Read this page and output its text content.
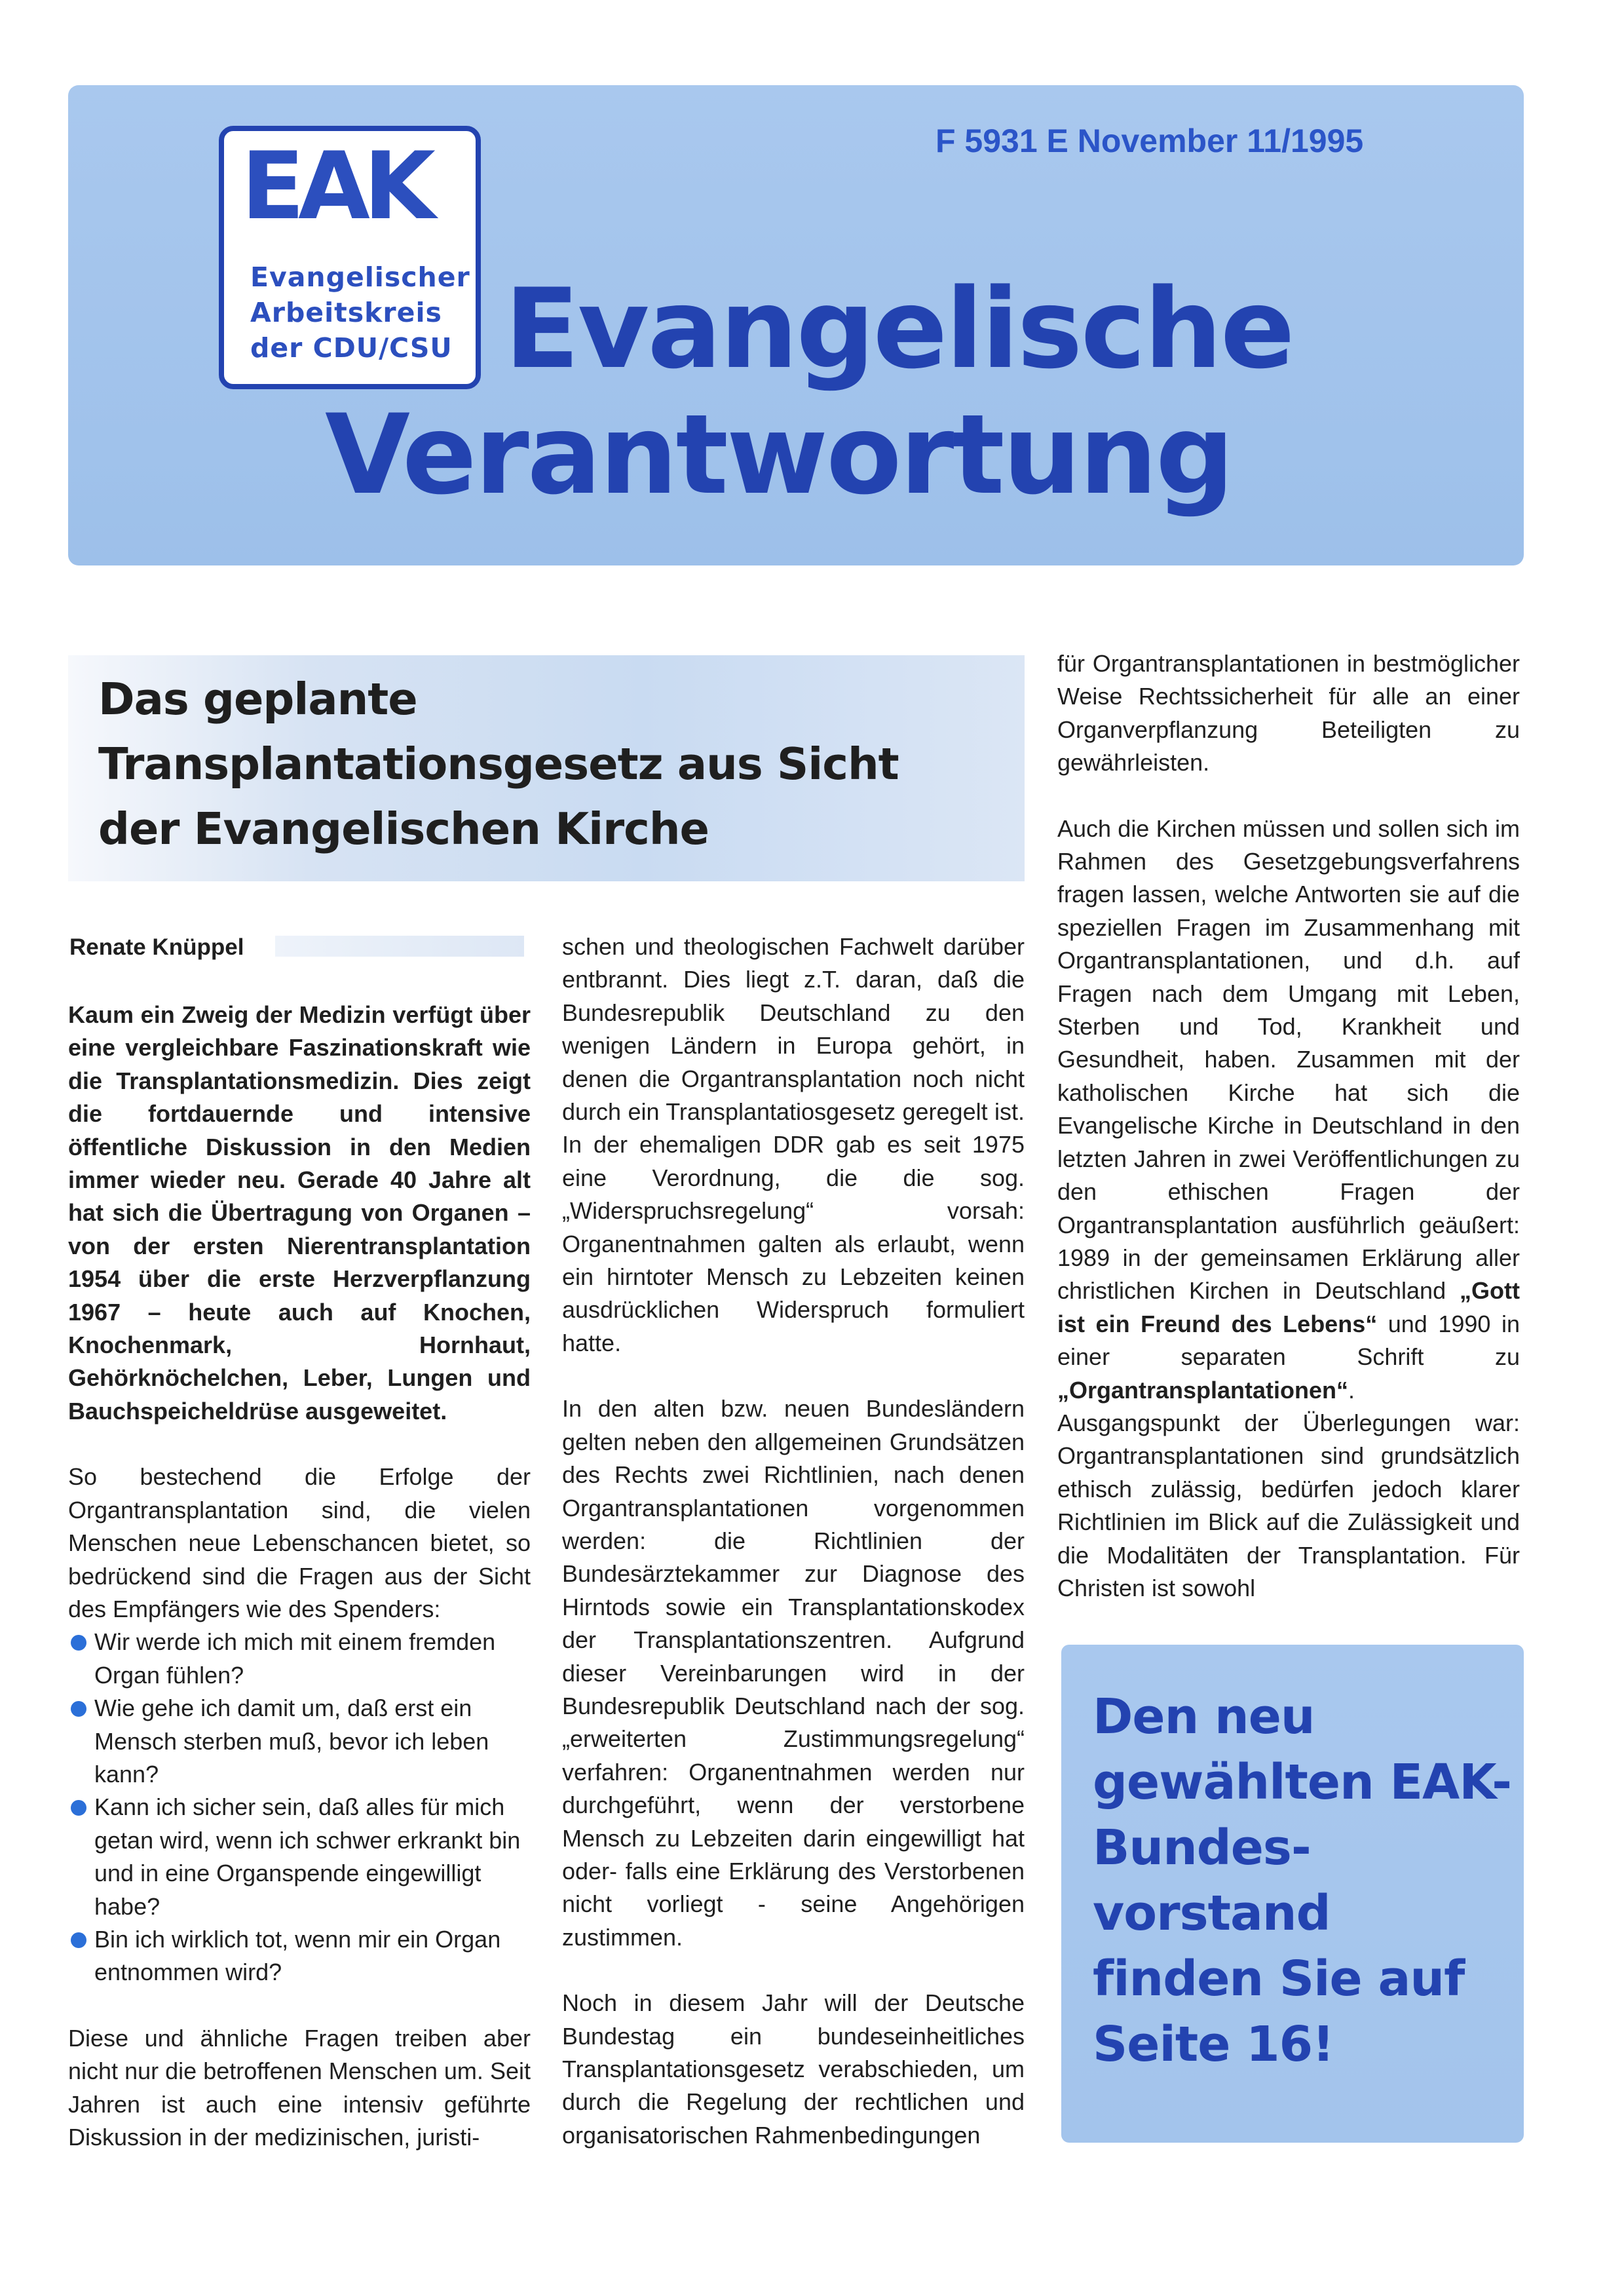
F 5931 E November 11/1995
EAK
Evangelischer
Arbeitskreis
der CDU/CSU Evangelische
Verantwortung
Das geplante
Transplantationsgesetz aus Sicht
der Evangelischen Kirche
Renate Knüppel

Kaum ein Zweig der Medizin verfügt über eine vergleichbare Faszinationskraft wie die Transplantationsmedizin. Dies zeigt die fortdauernde und intensive öffentliche Diskussion in den Medien immer wieder neu. Gerade 40 Jahre alt hat sich die Übertragung von Organen – von der ersten Nierentransplantation 1954 über die erste Herzverpflanzung 1967 – heute auch auf Knochen, Knochenmark, Hornhaut, Gehörknöchelchen, Leber, Lungen und Bauchspeicheldrüse ausgeweitet.

So bestechend die Erfolge der Organtransplantation sind, die vielen Menschen neue Lebenschancen bietet, so bedrückend sind die Fragen aus der Sicht des Empfängers wie des Spenders:

Wir werde ich mich mit einem fremden Organ fühlen?
Wie gehe ich damit um, daß erst ein Mensch sterben muß, bevor ich leben kann?
Kann ich sicher sein, daß alles für mich getan wird, wenn ich schwer erkrankt bin und in eine Organspende eingewilligt habe?
Bin ich wirklich tot, wenn mir ein Organ entnommen wird?

Diese und ähnliche Fragen treiben aber nicht nur die betroffenen Menschen um. Seit Jahren ist auch eine intensiv geführte Diskussion in der medizinischen, juristi-

schen und theologischen Fachwelt darüber entbrannt. Dies liegt z.T. daran, daß die Bundesrepublik Deutschland zu den wenigen Ländern in Europa gehört, in denen die Organtransplantation noch nicht durch ein Transplantatiosgesetz geregelt ist. In der ehemaligen DDR gab es seit 1975 eine Verordnung, die die sog. „Widerspruchsregelung“ vorsah: Organentnahmen galten als erlaubt, wenn ein hirntoter Mensch zu Lebzeiten keinen ausdrücklichen Widerspruch formuliert hatte.

In den alten bzw. neuen Bundesländern gelten neben den allgemeinen Grundsätzen des Rechts zwei Richtlinien, nach denen Organtransplantationen vorgenommen werden: die Richtlinien der Bundesärztekammer zur Diagnose des Hirntods sowie ein Transplantationskodex der Transplantationszentren. Aufgrund dieser Vereinbarungen wird in der Bundesrepublik Deutschland nach der sog. „erweiterten Zustimmungsregelung“ verfahren: Organentnahmen werden nur durchgeführt, wenn der verstorbene Mensch zu Lebzeiten darin eingewilligt hat oder- falls eine Erklärung des Verstorbenen nicht vorliegt - seine Angehörigen zustimmen.

Noch in diesem Jahr will der Deutsche Bundestag ein bundeseinheitliches Transplantationsgesetz verabschieden, um durch die Regelung der rechtlichen und organisatorischen Rahmenbedingungen

für Organtransplantationen in bestmöglicher Weise Rechtssicherheit für alle an einer Organverpflanzung Beteiligten zu gewährleisten.

Auch die Kirchen müssen und sollen sich im Rahmen des Gesetzgebungsverfahrens fragen lassen, welche Antworten sie auf die speziellen Fragen im Zusammenhang mit Organtransplantationen, und d.h. auf Fragen nach dem Umgang mit Leben, Sterben und Tod, Krankheit und Gesundheit, haben. Zusammen mit der katholischen Kirche hat sich die Evangelische Kirche in Deutschland in den letzten Jahren in zwei Veröffentlichungen zu den ethischen Fragen der Organtransplantation ausführlich geäußert: 1989 in der gemeinsamen Erklärung aller christlichen Kirchen in Deutschland „Gott ist ein Freund des Lebens“ und 1990 in einer separaten Schrift zu „Organtransplantationen“. Ausgangspunkt der Überlegungen war: Organtransplantationen sind grundsätzlich ethisch zulässig, bedürfen jedoch klarer Richtlinien im Blick auf die Zulässigkeit und die Modalitäten der Transplantation. Für Christen ist sowohl

Den neu gewählten EAK-Bundes-vorstand finden Sie auf Seite 16!
